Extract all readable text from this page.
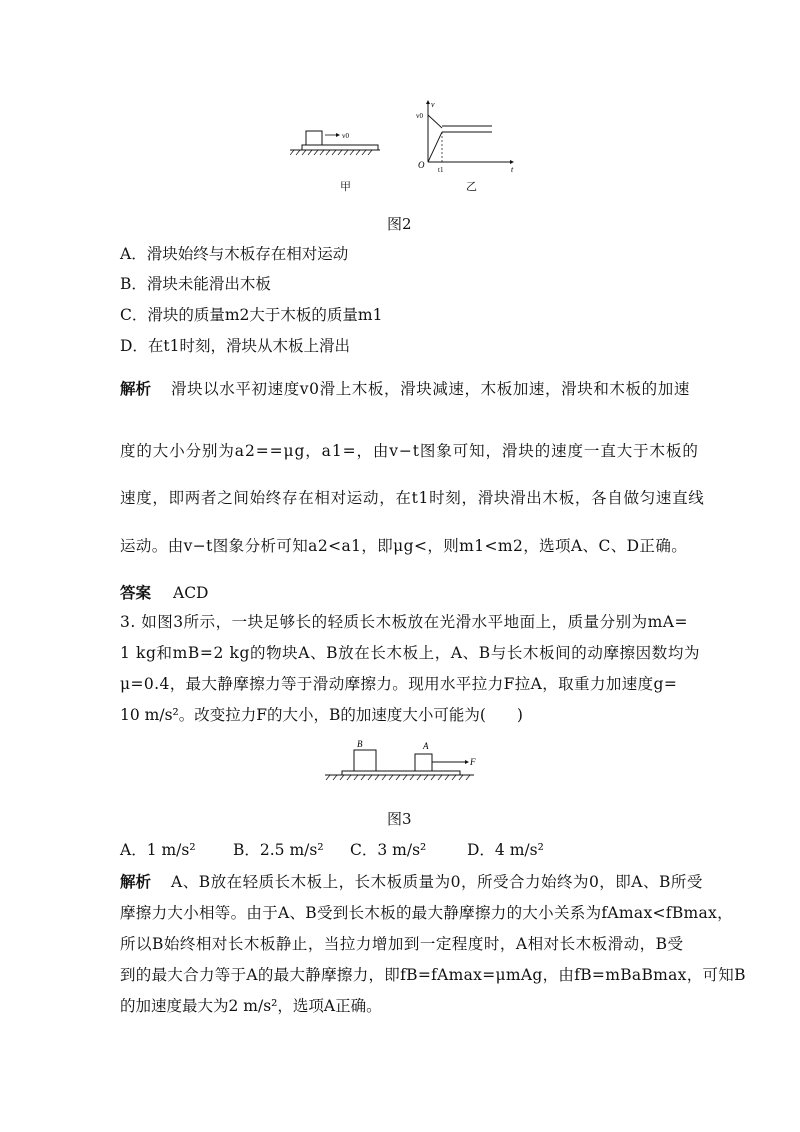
v0
甲
v
t
v0
O t1
乙
图2
A．滑块始终与木板存在相对运动
B．滑块未能滑出木板
C．滑块的质量m2大于木板的质量m1
D．在t1时刻，滑块从木板上滑出
解析 滑块以水平初速度v0滑上木板，滑块减速，木板加速，滑块和木板的加速
度的大小分别为a2==μg，a1=，由v−t图象可知，滑块的速度一直大于木板的
速度，即两者之间始终存在相对运动，在t1时刻，滑块滑出木板，各自做匀速直线
运动。由v−t图象分析可知a2<a1，即μg<，则m1<m2，选项A、C、D正确。
答案 ACD
3. 如图3所示，一块足够长的轻质长木板放在光滑水平地面上，质量分别为mA=
1 kg和mB=2 kg的物块A、B放在长木板上，A、B与长木板间的动摩擦因数均为
μ=0.4，最大静摩擦力等于滑动摩擦力。现用水平拉力F拉A，取重力加速度g=
10 m/s²。改变拉力F的大小，B的加速度大小可能为(　　)
B	A
F
图3
A．1 m/s² B．2.5 m/s² C．3 m/s²	D．4 m/s²
解析 A、B放在轻质长木板上，长木板质量为0，所受合力始终为0，即A、B所受
摩擦力大小相等。由于A、B受到长木板的最大静摩擦力的大小关系为fAmax<fBmax，
所以B始终相对长木板静止，当拉力增加到一定程度时，A相对长木板滑动，B受
到的最大合力等于A的最大静摩擦力，即fB=fAmax=μmAg，由fB=mBaBmax，可知B
的加速度最大为2 m/s²，选项A正确。
